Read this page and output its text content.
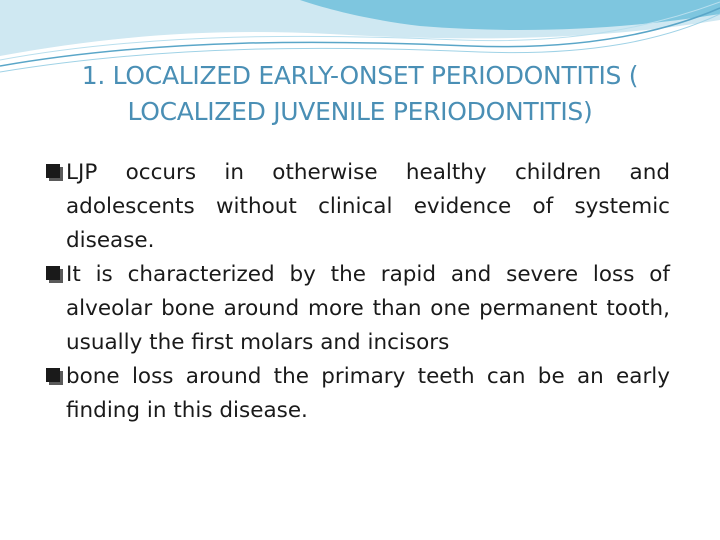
1. LOCALIZED EARLY-ONSET PERIODONTITIS ( LOCALIZED JUVENILE PERIODONTITIS)

LJP occurs in otherwise healthy children and adolescents without clinical evidence of systemic disease.

It is characterized by the rapid and severe loss of alveolar bone around more than one permanent tooth, usually the first molars and incisors

bone loss around the primary teeth can be an early finding in this disease.
